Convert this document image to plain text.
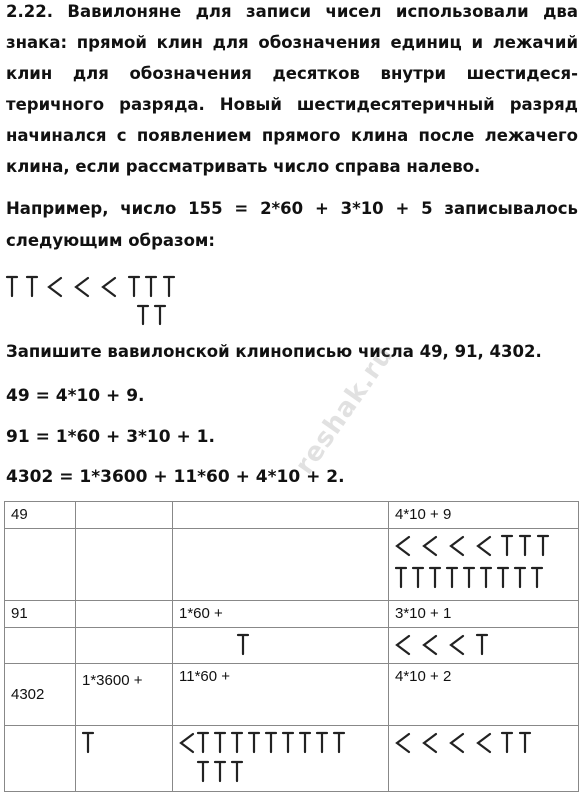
2.22. Вавилоняне для записи чисел использовали два
знака: прямой клин для обозначения единиц и лежачий
клин для обозначения десятков внутри шестидеся-
теричного разряда. Новый шестидесятеричный разряд
начинался с появлением прямого клина после лежачего
клина, если рассматривать число справа налево.
Например, число 155 = 2*60 + 3*10 + 5 записывалось
следующим образом:
Запишите вавилонской клинописью числа 49, 91, 4302.
49 = 4*10 + 9.
91 = 1*60 + 3*10 + 1.
4302 = 1*3600 + 11*60 + 4*10 + 2.
reshak.ru
49			4*10 + 9

91		1*60 +	3*10 + 1

4302	1*3600 +	11*60 +	4*10 + 2
